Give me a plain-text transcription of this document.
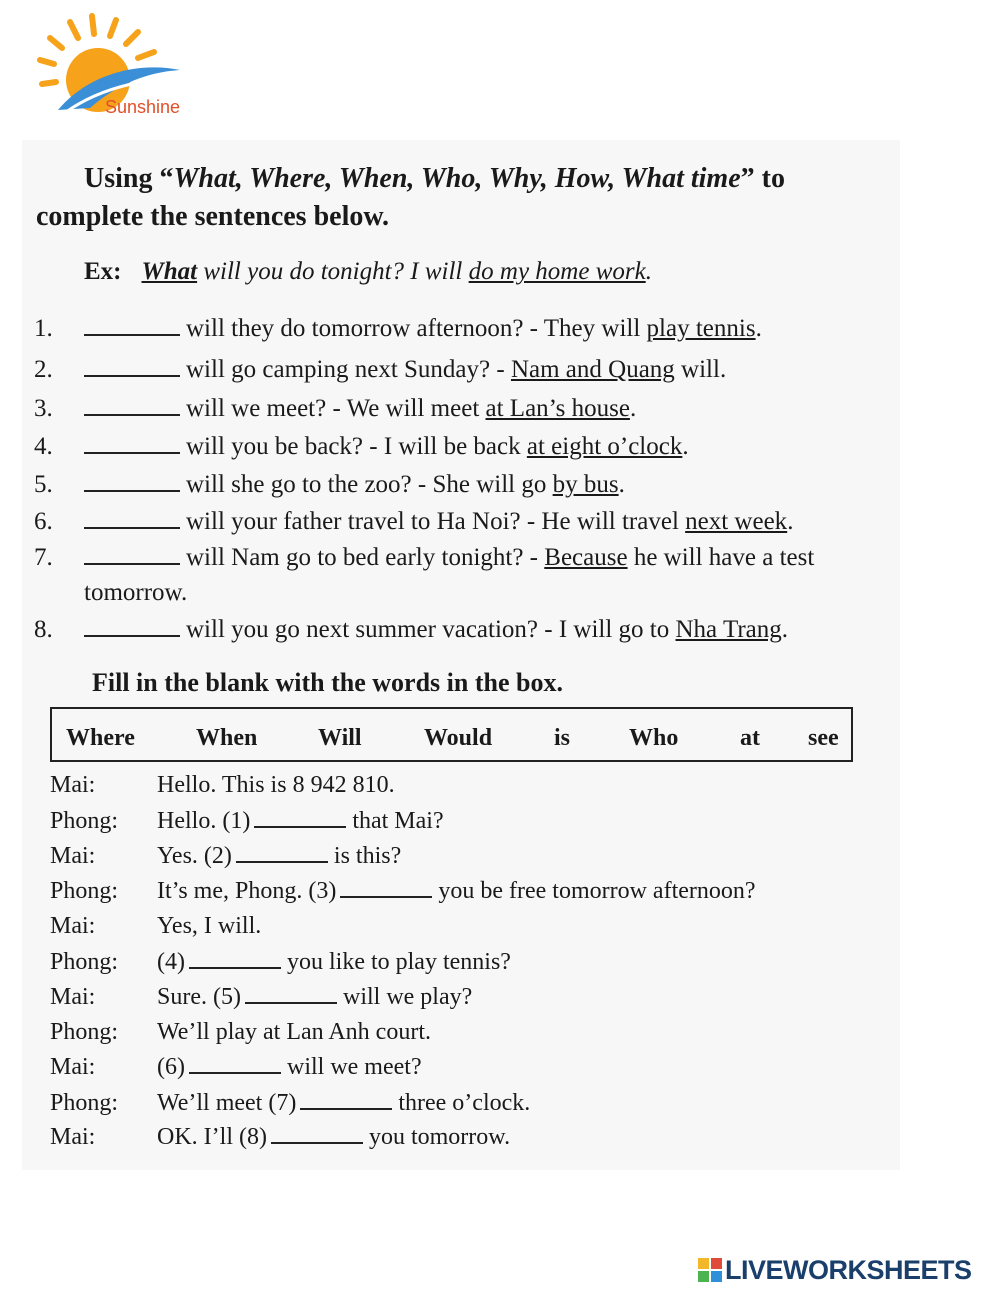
Sunshine
Using “What, Where, When, Who, Why, How, What time” to
complete the sentences below.
Ex: What will you do tonight? I will do my home work.
1.	will they do tomorrow afternoon? - They will play tennis.
2.	will go camping next Sunday? - Nam and Quang will.
3.	will we meet? - We will meet at Lan’s house.
4.	will you be back? - I will be back at eight o’clock.
5.	will she go to the zoo? - She will go by bus.
6.	will your father travel to Ha Noi? - He will travel next week.
7.	will Nam go to bed early tonight? - Because he will have a test
tomorrow.
8.	will you go next summer vacation? - I will go to Nha Trang.
Fill in the blank with the words in the box.
Where	When	Will	Would	is Who	at see
Mai:	Hello. This is 8 942 810.
Phong: Hello. (1)	that Mai?
Mai:	Yes. (2)	is this?
Phong: It’s me, Phong. (3)	you be free tomorrow afternoon?
Mai:	Yes, I will.
Phong: (4)	you like to play tennis?
Mai:	Sure. (5)	will we play?
Phong: We’ll play at Lan Anh court.
Mai:	(6)	will we meet?
Phong: We’ll meet (7)	three o’clock.
Mai:	OK. I’ll (8)	you tomorrow.
LIVEWORKSHEETS
